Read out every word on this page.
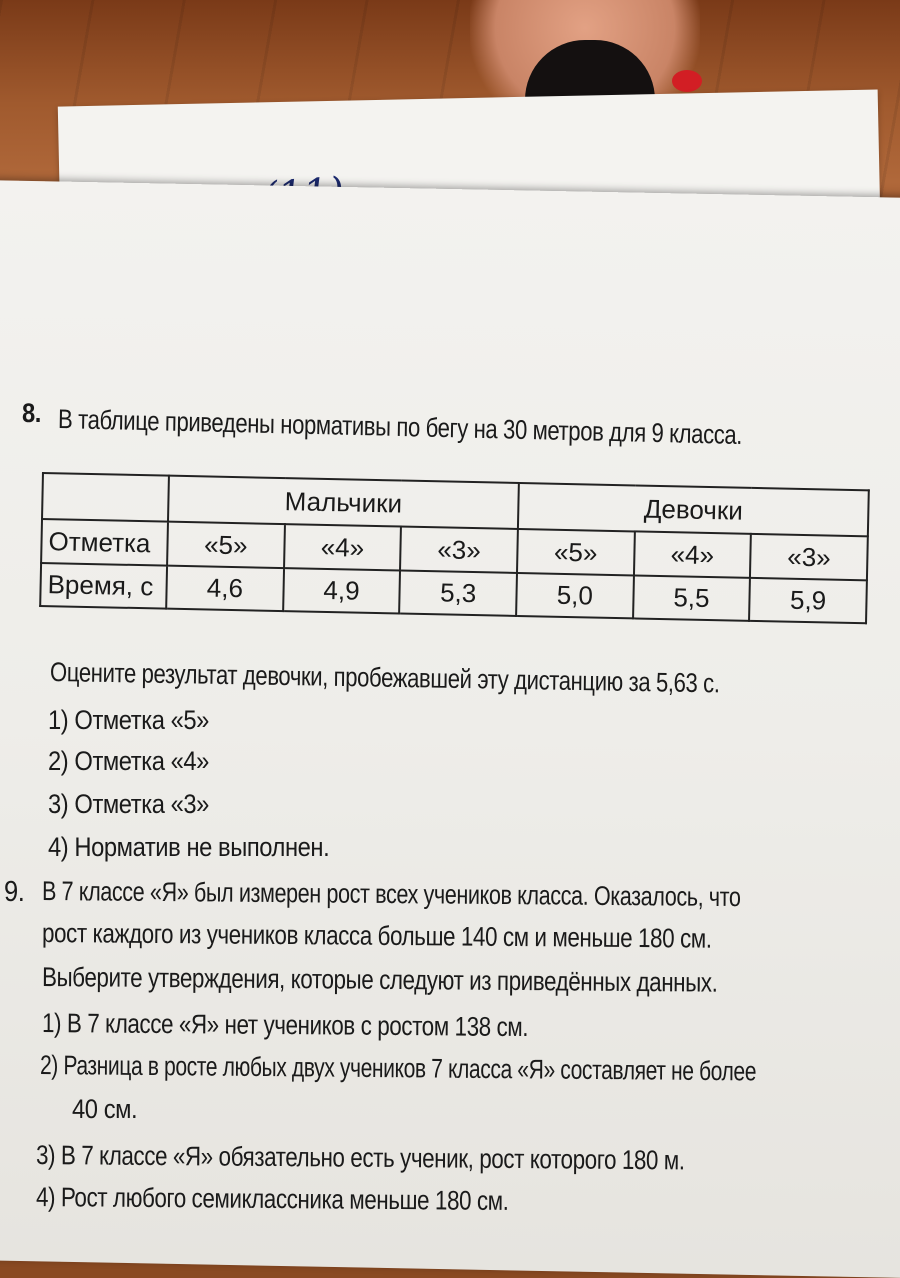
8. В таблице приведены нормативы по бегу на 30 метров для 9 класса.
	Мальчики			Девочки		
Отметка	«5»	«4»	«3»	«5»	«4»	«3»
Время, с	4,6	4,9	5,3	5,0	5,5	5,9
Оцените результат девочки, пробежавшей эту дистанцию за 5,63 с.
1) Отметка «5»
2) Отметка «4»
3) Отметка «3»
4) Норматив не выполнен.
9. В 7 классе «Я» был измерен рост всех учеников класса. Оказалось, что
рост каждого из учеников класса больше 140 см и меньше 180 см.
Выберите утверждения, которые следуют из приведённых данных.
1) В 7 классе «Я» нет учеников с ростом 138 см.
2) Разница в росте любых двух учеников 7 класса «Я» составляет не более
40 см.
3) В 7 классе «Я» обязательно есть ученик, рост которого 180 м.
4) Рост любого семиклассника меньше 180 см.
